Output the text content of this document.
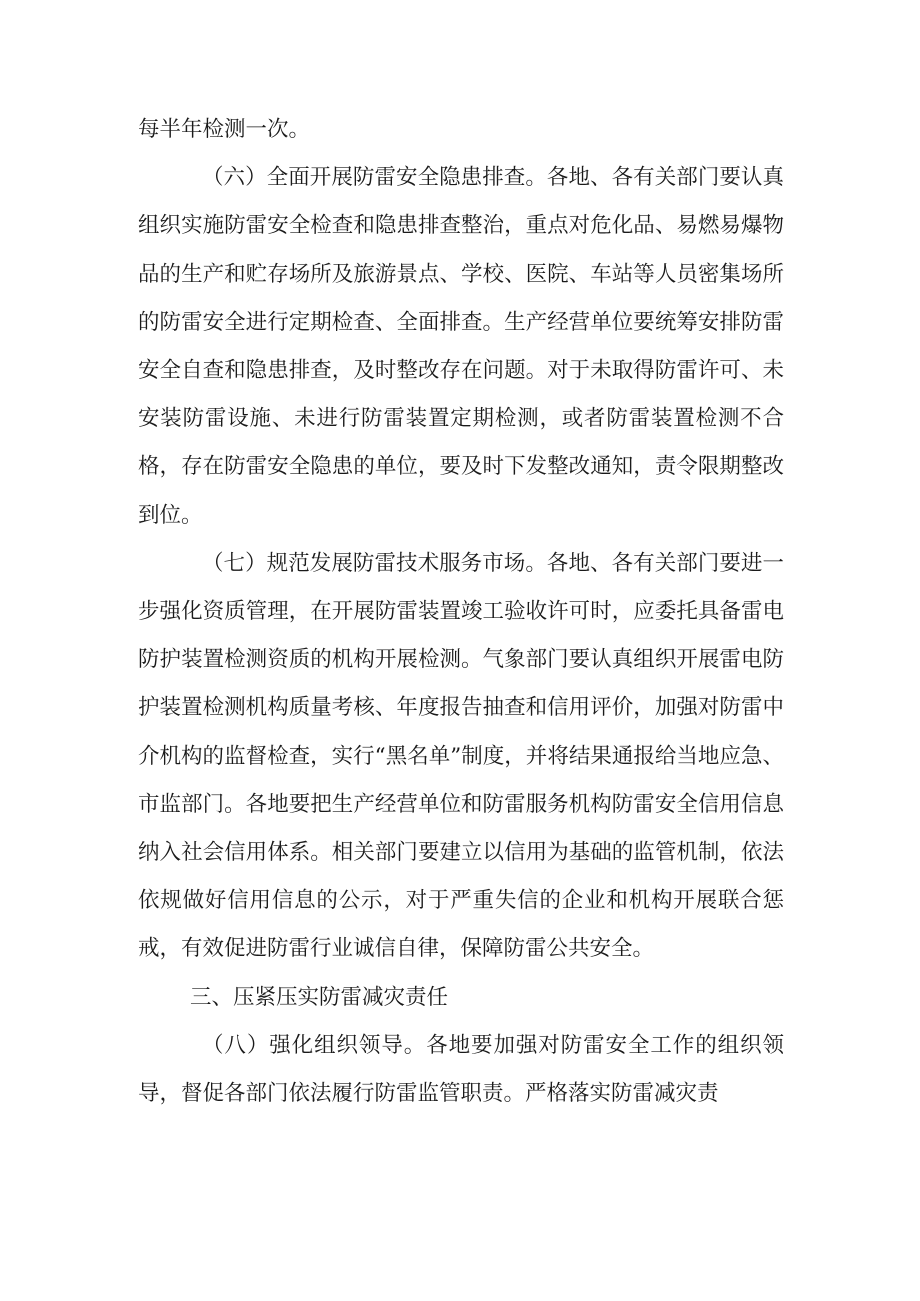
每半年检测一次。

（六）全面开展防雷安全隐患排查。各地、各有关部门要认真组织实施防雷安全检查和隐患排查整治，重点对危化品、易燃易爆物品的生产和贮存场所及旅游景点、学校、医院、车站等人员密集场所的防雷安全进行定期检查、全面排查。生产经营单位要统筹安排防雷安全自查和隐患排查，及时整改存在问题。对于未取得防雷许可、未安装防雷设施、未进行防雷装置定期检测，或者防雷装置检测不合格，存在防雷安全隐患的单位，要及时下发整改通知，责令限期整改到位。

（七）规范发展防雷技术服务市场。各地、各有关部门要进一步强化资质管理，在开展防雷装置竣工验收许可时，应委托具备雷电防护装置检测资质的机构开展检测。气象部门要认真组织开展雷电防护装置检测机构质量考核、年度报告抽查和信用评价，加强对防雷中介机构的监督检查，实行“黑名单”制度，并将结果通报给当地应急、市监部门。各地要把生产经营单位和防雷服务机构防雷安全信用信息纳入社会信用体系。相关部门要建立以信用为基础的监管机制，依法依规做好信用信息的公示，对于严重失信的企业和机构开展联合惩戒，有效促进防雷行业诚信自律，保障防雷公共安全。

三、压紧压实防雷减灾责任

（八）强化组织领导。各地要加强对防雷安全工作的组织领导，督促各部门依法履行防雷监管职责。严格落实防雷减灾责
